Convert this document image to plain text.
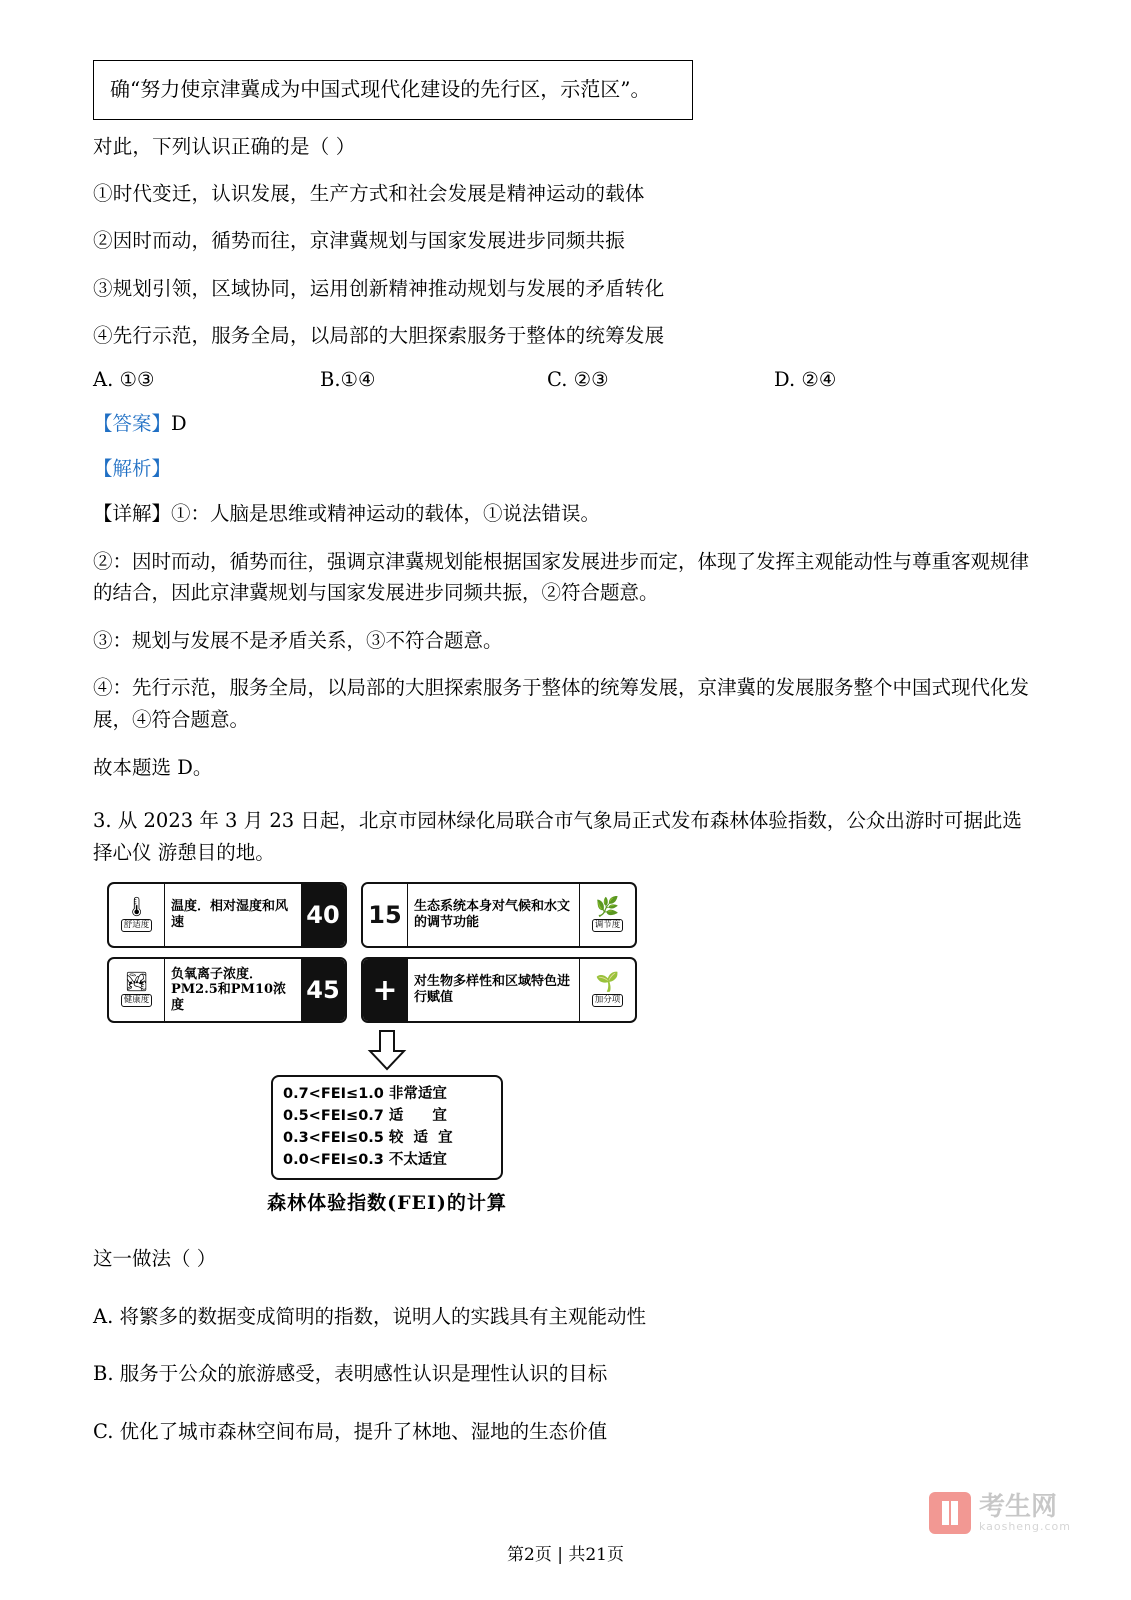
确“努力使京津冀成为中国式现代化建设的先行区，示范区”。

对此，下列认识正确的是（ ）

①时代变迁，认识发展，生产方式和社会发展是精神运动的载体

②因时而动，循势而往，京津冀规划与国家发展进步同频共振

③规划引领，区域协同，运用创新精神推动规划与发展的矛盾转化

④先行示范，服务全局，以局部的大胆探索服务于整体的统筹发展

A. ①③	B.①④	C. ②③	D. ②④

【答案】D

【解析】

【详解】①：人脑是思维或精神运动的载体，①说法错误。

②：因时而动，循势而往，强调京津冀规划能根据国家发展进步而定，体现了发挥主观能动性与尊重客观规律的结合，因此京津冀规划与国家发展进步同频共振，②符合题意。

③：规划与发展不是矛盾关系，③不符合题意。

④：先行示范，服务全局，以局部的大胆探索服务于整体的统筹发展，京津冀的发展服务整个中国式现代化发展，④符合题意。

故本题选 D。

3. 从 2023 年 3 月 23 日起，北京市园林绿化局联合市气象局正式发布森林体验指数，公众出游时可据此选择心仪 游憩目的地。

🌡
舒适度
温度．相对湿度和风速	40 15 生态系统本身对气候和水文的调节功能
🌿
调节度
🏞
健康度
负氧离子浓度．PM2.5和PM10浓度
45	+	对生物多样性和区域特色进行赋值
🌱
加分项
0.7<FEI≤1.0 非常适宜
0.5<FEI≤0.7 适　　宜
0.3<FEI≤0.5 较  适  宜
0.0<FEI≤0.3 不太适宜
森林体验指数(FEI)的计算

这一做法（ ）

A. 将繁多的数据变成简明的指数，说明人的实践具有主观能动性

B. 服务于公众的旅游感受，表明感性认识是理性认识的目标

C. 优化了城市森林空间布局，提升了林地、湿地的生态价值

考生网
kaosheng.com
第2页 | 共21页
